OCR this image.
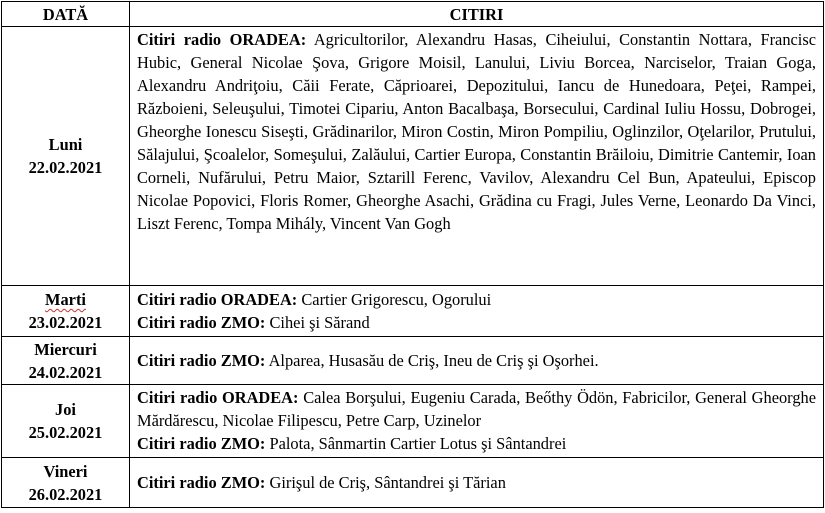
DATĂ	CITIRI

Luni
22.02.2021	Citiri radio ORADEA: Agricultorilor, Alexandru Hasas, Ciheiului, Constantin Nottara, Francisc Hubic, General Nicolae Şova, Grigore Moisil, Lanului, Liviu Borcea, Narciselor, Traian Goga, Alexandru Andriţoiu, Căii Ferate, Căprioarei, Depozitului, Iancu de Hunedoara, Peţei, Rampei, Războieni, Seleuşului, Timotei Cipariu, Anton Bacalbaşa, Borsecului, Cardinal Iuliu Hossu, Dobrogei, Gheorghe Ionescu Siseşti, Grădinarilor, Miron Costin, Miron Pompiliu, Oglinzilor, Oţelarilor, Prutului, Sălajului, Şcoalelor, Someşului, Zalăului, Cartier Europa, Constantin Brăiloiu, Dimitrie Cantemir, Ioan Corneli, Nufărului, Petru Maior, Sztarill Ferenc, Vavilov, Alexandru Cel Bun, Apateului, Episcop Nicolae Popovici, Floris Romer, Gheorghe Asachi, Grădina cu Fragi, Jules Verne, Leonardo Da Vinci, Liszt Ferenc, Tompa Mihály, Vincent Van Gogh

Marti
23.02.2021	Citiri radio ORADEA: Cartier Grigorescu, Ogorului
Citiri radio ZMO: Cihei şi Sărand

Miercuri
24.02.2021	Citiri radio ZMO: Alparea, Husasău de Criş, Ineu de Criş şi Oşorhei.

Joi
25.02.2021	Citiri radio ORADEA: Calea Borşului, Eugeniu Carada, Beőthy Ödön, Fabricilor, General Gheorghe Mărdărescu, Nicolae Filipescu, Petre Carp, Uzinelor
Citiri radio ZMO: Palota, Sânmartin Cartier Lotus şi Sântandrei

Vineri
26.02.2021	Citiri radio ZMO: Girişul de Criş, Sântandrei şi Tărian
